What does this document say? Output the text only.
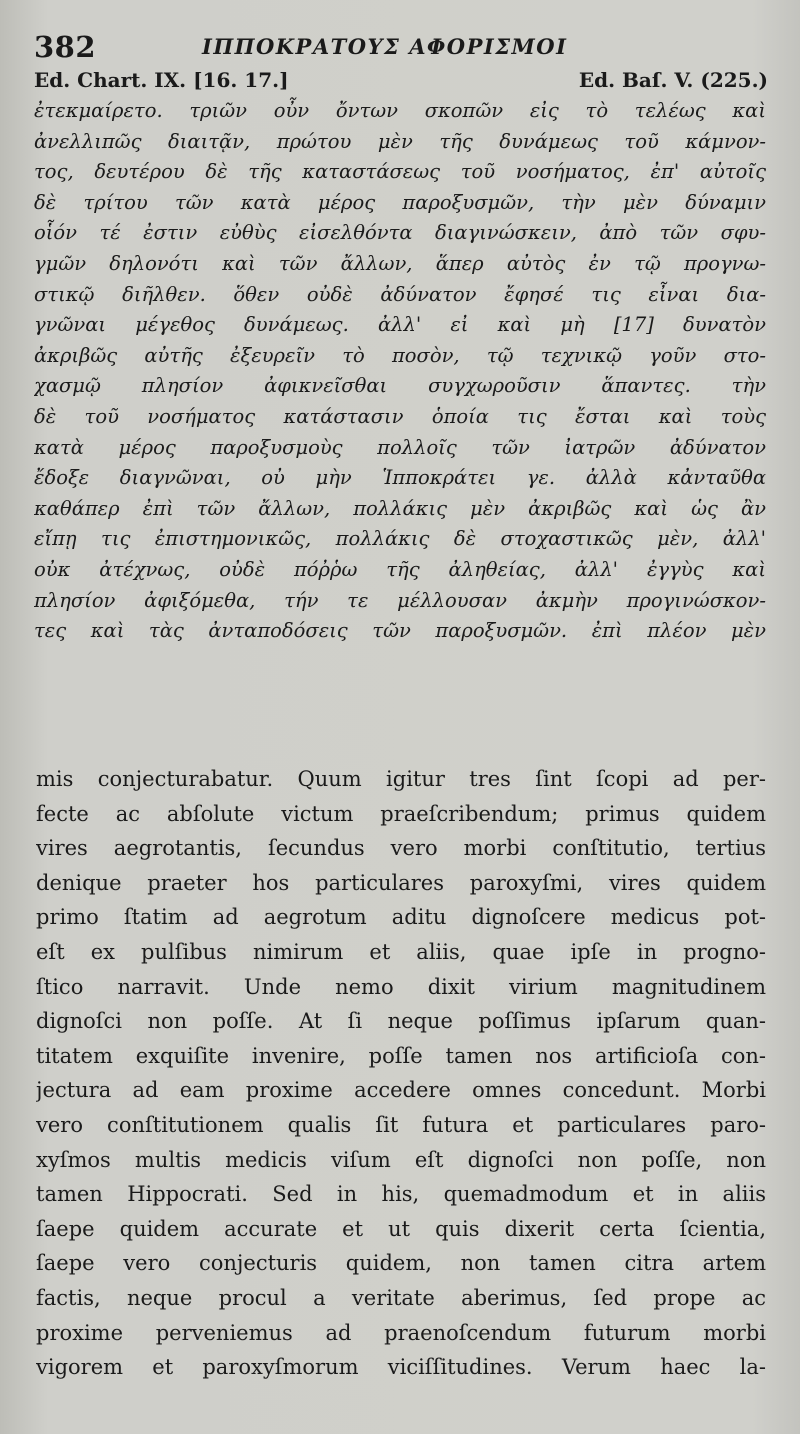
382	ΙΠΠΟΚΡΑΤΟΥΣ ΑΦΟΡΙΣΜΟΙ
Ed. Chart. IX. [16. 17.]	Ed. Baſ. V. (225.)
ἐτεκμαίρετο. τριῶν οὖν ὄντων σκοπῶν εἰς τὸ τελέως καὶ
ἀνελλιπῶς διαιτᾷν, πρώτου μὲν τῆς δυνάμεως τοῦ κάμνον-
τος, δευτέρου δὲ τῆς καταστάσεως τοῦ νοσήματος, ἐπ' αὐτοῖς
δὲ τρίτου τῶν κατὰ μέρος παροξυσμῶν, τὴν μὲν δύναμιν
οἷόν τέ ἐστιν εὐθὺς εἰσελθόντα διαγινώσκειν, ἀπὸ τῶν σφυ-
γμῶν δηλονότι καὶ τῶν ἄλλων, ἅπερ αὐτὸς ἐν τῷ προγνω-
στικῷ διῆλθεν. ὅθεν οὐδὲ ἀδύνατον ἔφησέ τις εἶναι δια-
γνῶναι μέγεθος δυνάμεως. ἀλλ' εἰ καὶ μὴ [17] δυνατὸν
ἀκριβῶς αὐτῆς ἐξευρεῖν τὸ ποσὸν, τῷ τεχνικῷ γοῦν στο-
χασμῷ πλησίον ἀφικνεῖσθαι συγχωροῦσιν ἅπαντες. τὴν
δὲ τοῦ νοσήματος κατάστασιν ὁποία τις ἔσται καὶ τοὺς
κατὰ μέρος παροξυσμοὺς πολλοῖς τῶν ἰατρῶν ἀδύνατον
ἔδοξε διαγνῶναι, οὐ μὴν Ἱπποκράτει γε. ἀλλὰ κἀνταῦθα
καθάπερ ἐπὶ τῶν ἄλλων, πολλάκις μὲν ἀκριβῶς καὶ ὡς ἂν
εἴπῃ τις ἐπιστημονικῶς, πολλάκις δὲ στοχαστικῶς μὲν, ἀλλ'
οὐκ ἀτέχνως, οὐδὲ πόῤῥω τῆς ἀληθείας, ἀλλ' ἐγγὺς καὶ
πλησίον ἀφιξόμεθα, τήν τε μέλλουσαν ἀκμὴν προγινώσκον-
τες καὶ τὰς ἀνταποδόσεις τῶν παροξυσμῶν. ἐπὶ πλέον μὲν
mis conjecturabatur. Quum igitur tres ſint ſcopi ad per-
fecte ac abſolute victum praeſcribendum; primus quidem
vires aegrotantis, ſecundus vero morbi conſtitutio, tertius
denique praeter hos particulares paroxyſmi, vires quidem
primo ſtatim ad aegrotum aditu dignoſcere medicus pot-
eſt ex pulſibus nimirum et aliis, quae ipſe in progno-
ſtico narravit. Unde nemo dixit virium magnitudinem
dignoſci non poſſe. At ſi neque poſſimus ipſarum quan-
titatem exquiſite invenire, poſſe tamen nos artificioſa con-
jectura ad eam proxime accedere omnes concedunt. Morbi
vero conſtitutionem qualis ſit futura et particulares paro-
xyſmos multis medicis viſum eſt dignoſci non poſſe, non
tamen Hippocrati. Sed in his, quemadmodum et in aliis
ſaepe quidem accurate et ut quis dixerit certa ſcientia,
ſaepe vero conjecturis quidem, non tamen citra artem
factis, neque procul a veritate aberimus, ſed prope ac
proxime perveniemus ad praenoſcendum futurum morbi
vigorem et paroxyſmorum viciſſitudines. Verum haec la-
